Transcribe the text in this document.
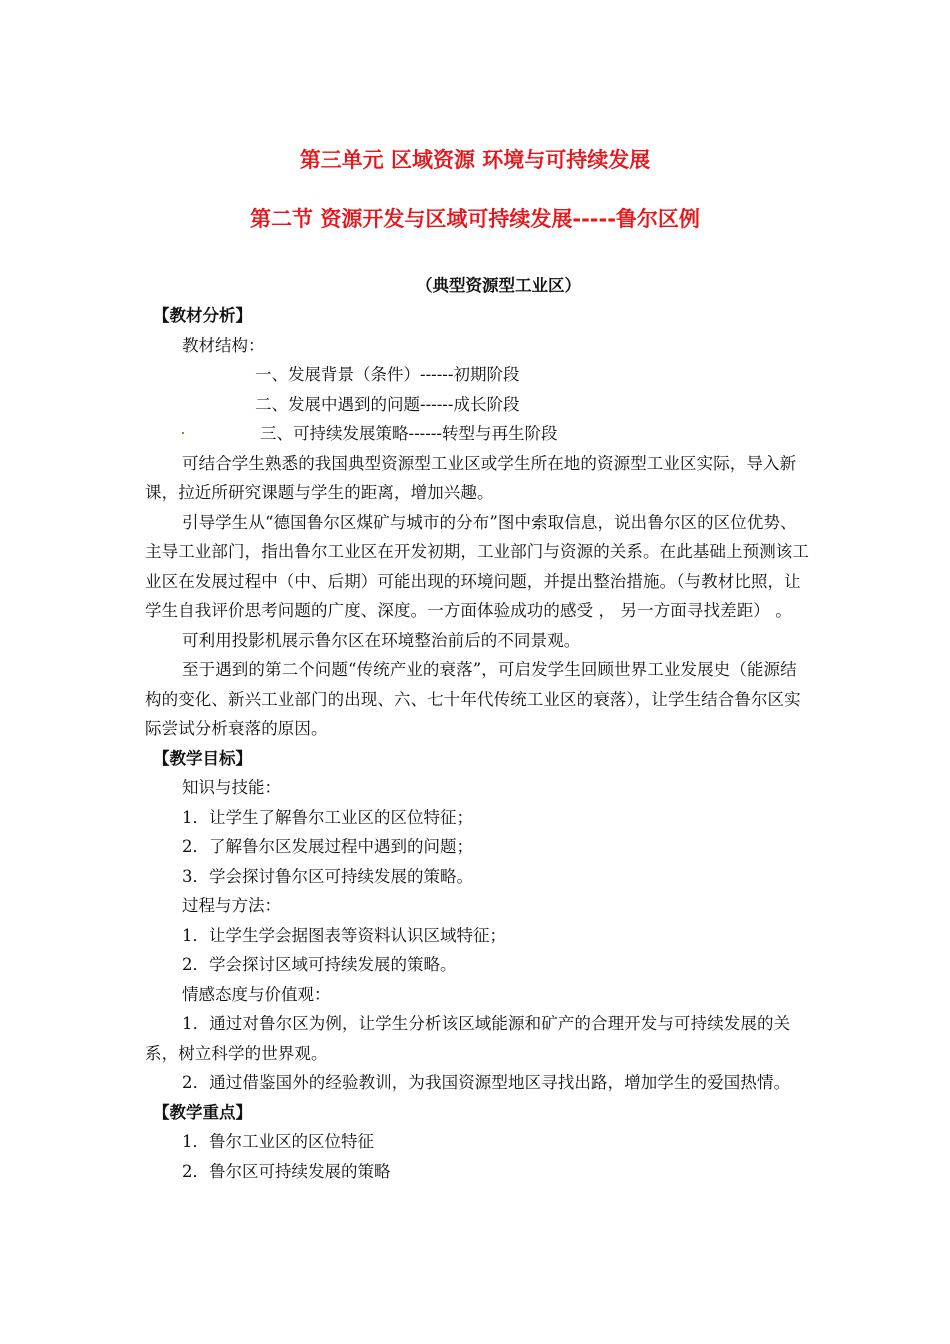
第三单元 区域资源 环境与可持续发展
第二节 资源开发与区域可持续发展-----鲁尔区例

（典型资源型工业区）

【教材分析】

教材结构：

一、发展背景（条件）------初期阶段

二、发展中遇到的问题------成长阶段

三、可持续发展策略------转型与再生阶段

可结合学生熟悉的我国典型资源型工业区或学生所在地的资源型工业区实际，导入新课，拉近所研究课题与学生的距离，增加兴趣。

引导学生从“德国鲁尔区煤矿与城市的分布”图中索取信息，说出鲁尔区的区位优势、主导工业部门，指出鲁尔工业区在开发初期，工业部门与资源的关系。在此基础上预测该工业区在发展过程中（中、后期）可能出现的环境问题，并提出整治措施。（与教材比照，让学生自我评价思考问题的广度、深度。一方面体验成功的感受 ， 另一方面寻找差距） 。

可利用投影机展示鲁尔区在环境整治前后的不同景观。

至于遇到的第二个问题“传统产业的衰落”，可启发学生回顾世界工业发展史（能源结构的变化、新兴工业部门的出现、六、七十年代传统工业区的衰落），让学生结合鲁尔区实际尝试分析衰落的原因。

【教学目标】

知识与技能：

1．让学生了解鲁尔工业区的区位特征；

2．了解鲁尔区发展过程中遇到的问题；

3．学会探讨鲁尔区可持续发展的策略。

过程与方法：

1．让学生学会据图表等资料认识区域特征；

2．学会探讨区域可持续发展的策略。

情感态度与价值观：

1．通过对鲁尔区为例，让学生分析该区域能源和矿产的合理开发与可持续发展的关系，树立科学的世界观。

2．通过借鉴国外的经验教训，为我国资源型地区寻找出路，增加学生的爱国热情。

【教学重点】

1．鲁尔工业区的区位特征

2．鲁尔区可持续发展的策略
